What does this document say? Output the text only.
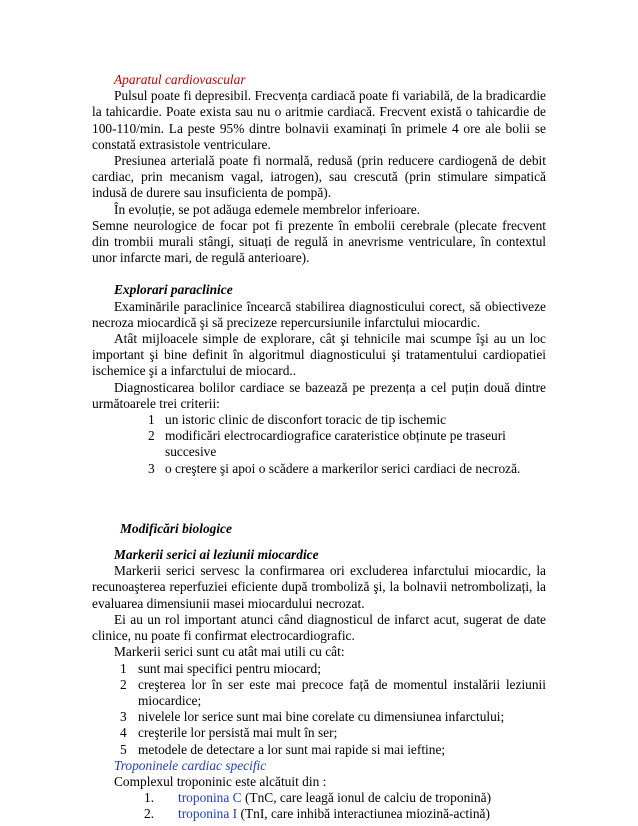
Aparatul cardiovascular

Pulsul poate fi depresibil. Frecvența cardiacă poate fi variabilă, de la bradicardie la tahicardie. Poate exista sau nu o aritmie cardiacă. Frecvent există o tahicardie de 100-110/min. La peste 95% dintre bolnavii examinați în primele 4 ore ale bolii se constată extrasistole ventriculare.

Presiunea arterială poate fi normală, redusă (prin reducere cardiogenă de debit cardiac, prin mecanism vagal, iatrogen), sau crescută (prin stimulare simpatică indusă de durere sau insuficienta de pompă).

În evoluție, se pot adăuga edemele membrelor inferioare.

Semne neurologice de focar pot fi prezente în embolii cerebrale (plecate frecvent din trombii murali stângi, situați de regulă in anevrisme ventriculare, în contextul unor infarcte mari, de regulă anterioare).

Explorari paraclinice

Examinările paraclinice încearcă stabilirea diagnosticului corect, să obiectiveze necroza miocardică şi să precizeze repercursiunile infarctului miocardic.

Atât mijloacele simple de explorare, cât şi tehnicile mai scumpe îşi au un loc important şi bine definit în algoritmul diagnosticului şi tratamentului cardiopatiei ischemice şi a infarctului de miocard..

Diagnosticarea bolilor cardiace se bazează pe prezența a cel puțin două dintre următoarele trei criterii:

1 un istoric clinic de disconfort toracic de tip ischemic
2 modificări electrocardiografice carateristice obținute pe traseuri succesive
3 o creştere şi apoi o scădere a markerilor serici cardiaci de necroză.

Modificări biologice

Markerii serici ai leziunii miocardice

Markerii serici servesc la confirmarea ori excluderea infarctului miocardic, la recunoaşterea reperfuziei eficiente după tromboliză şi, la bolnavii netrombolizați, la evaluarea dimensiunii masei miocardului necrozat.

Ei au un rol important atunci când diagnosticul de infarct acut, sugerat de date clinice, nu poate fi confirmat electrocardiografic.

Markerii serici sunt cu atât mai utili cu cât:

1 sunt mai specifici pentru miocard;
2 creşterea lor în ser este mai precoce față de momentul instalării leziunii miocardice;
3 nivelele lor serice sunt mai bine corelate cu dimensiunea infarctului;
4 creşterile lor persistă mai mult în ser;
5 metodele de detectare a lor sunt mai rapide si mai ieftine;

Troponinele cardiac specific

Complexul troponinic este alcătuit din :

1.	troponina C (TnC, care leagă ionul de calciu de troponină)
2.	troponina I (TnI, care inhibă interactiunea miozină-actină)
